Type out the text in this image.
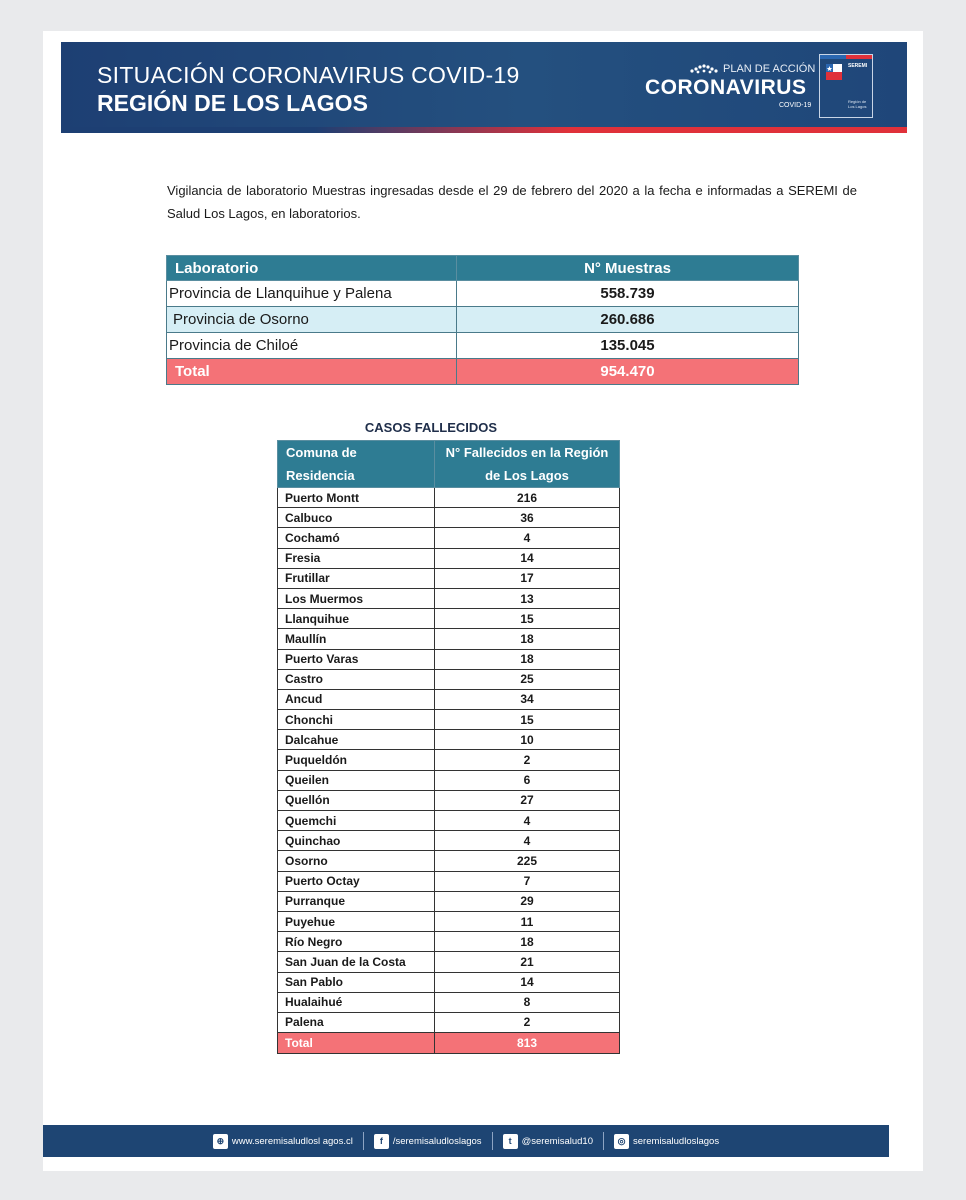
SITUACIÓN CORONAVIRUS COVID-19
REGIÓN DE LOS LAGOS
PLAN DE ACCIÓN
CORONAVIRUS
COVID-19
SEREMI
Región de Los Lagos
Vigilancia de laboratorio Muestras ingresadas desde el 29 de febrero del 2020 a la fecha e informadas a SEREMI de Salud Los Lagos, en laboratorios.
Laboratorio	N° Muestras
Provincia de Llanquihue y Palena	558.739
Provincia de Osorno	260.686
Provincia de Chiloé	135.045
Total	954.470
CASOS FALLECIDOS
Comuna de Residencia	N° Fallecidos en la Región de Los Lagos
Puerto Montt	216
Calbuco	36
Cochamó	4
Fresia	14
Frutillar	17
Los Muermos	13
Llanquihue	15
Maullín	18
Puerto Varas	18
Castro	25
Ancud	34
Chonchi	15
Dalcahue	10
Puqueldón	2
Queilen	6
Quellón	27
Quemchi	4
Quinchao	4
Osorno	225
Puerto Octay	7
Purranque	29
Puyehue	11
Río Negro	18
San Juan de la Costa	21
San Pablo	14
Hualaihué	8
Palena	2
Total	813
⊕ www.seremisaludlosl agos.cl	f	/seremisaludloslagos	t	@seremisalud10	◎ seremisaludloslagos
